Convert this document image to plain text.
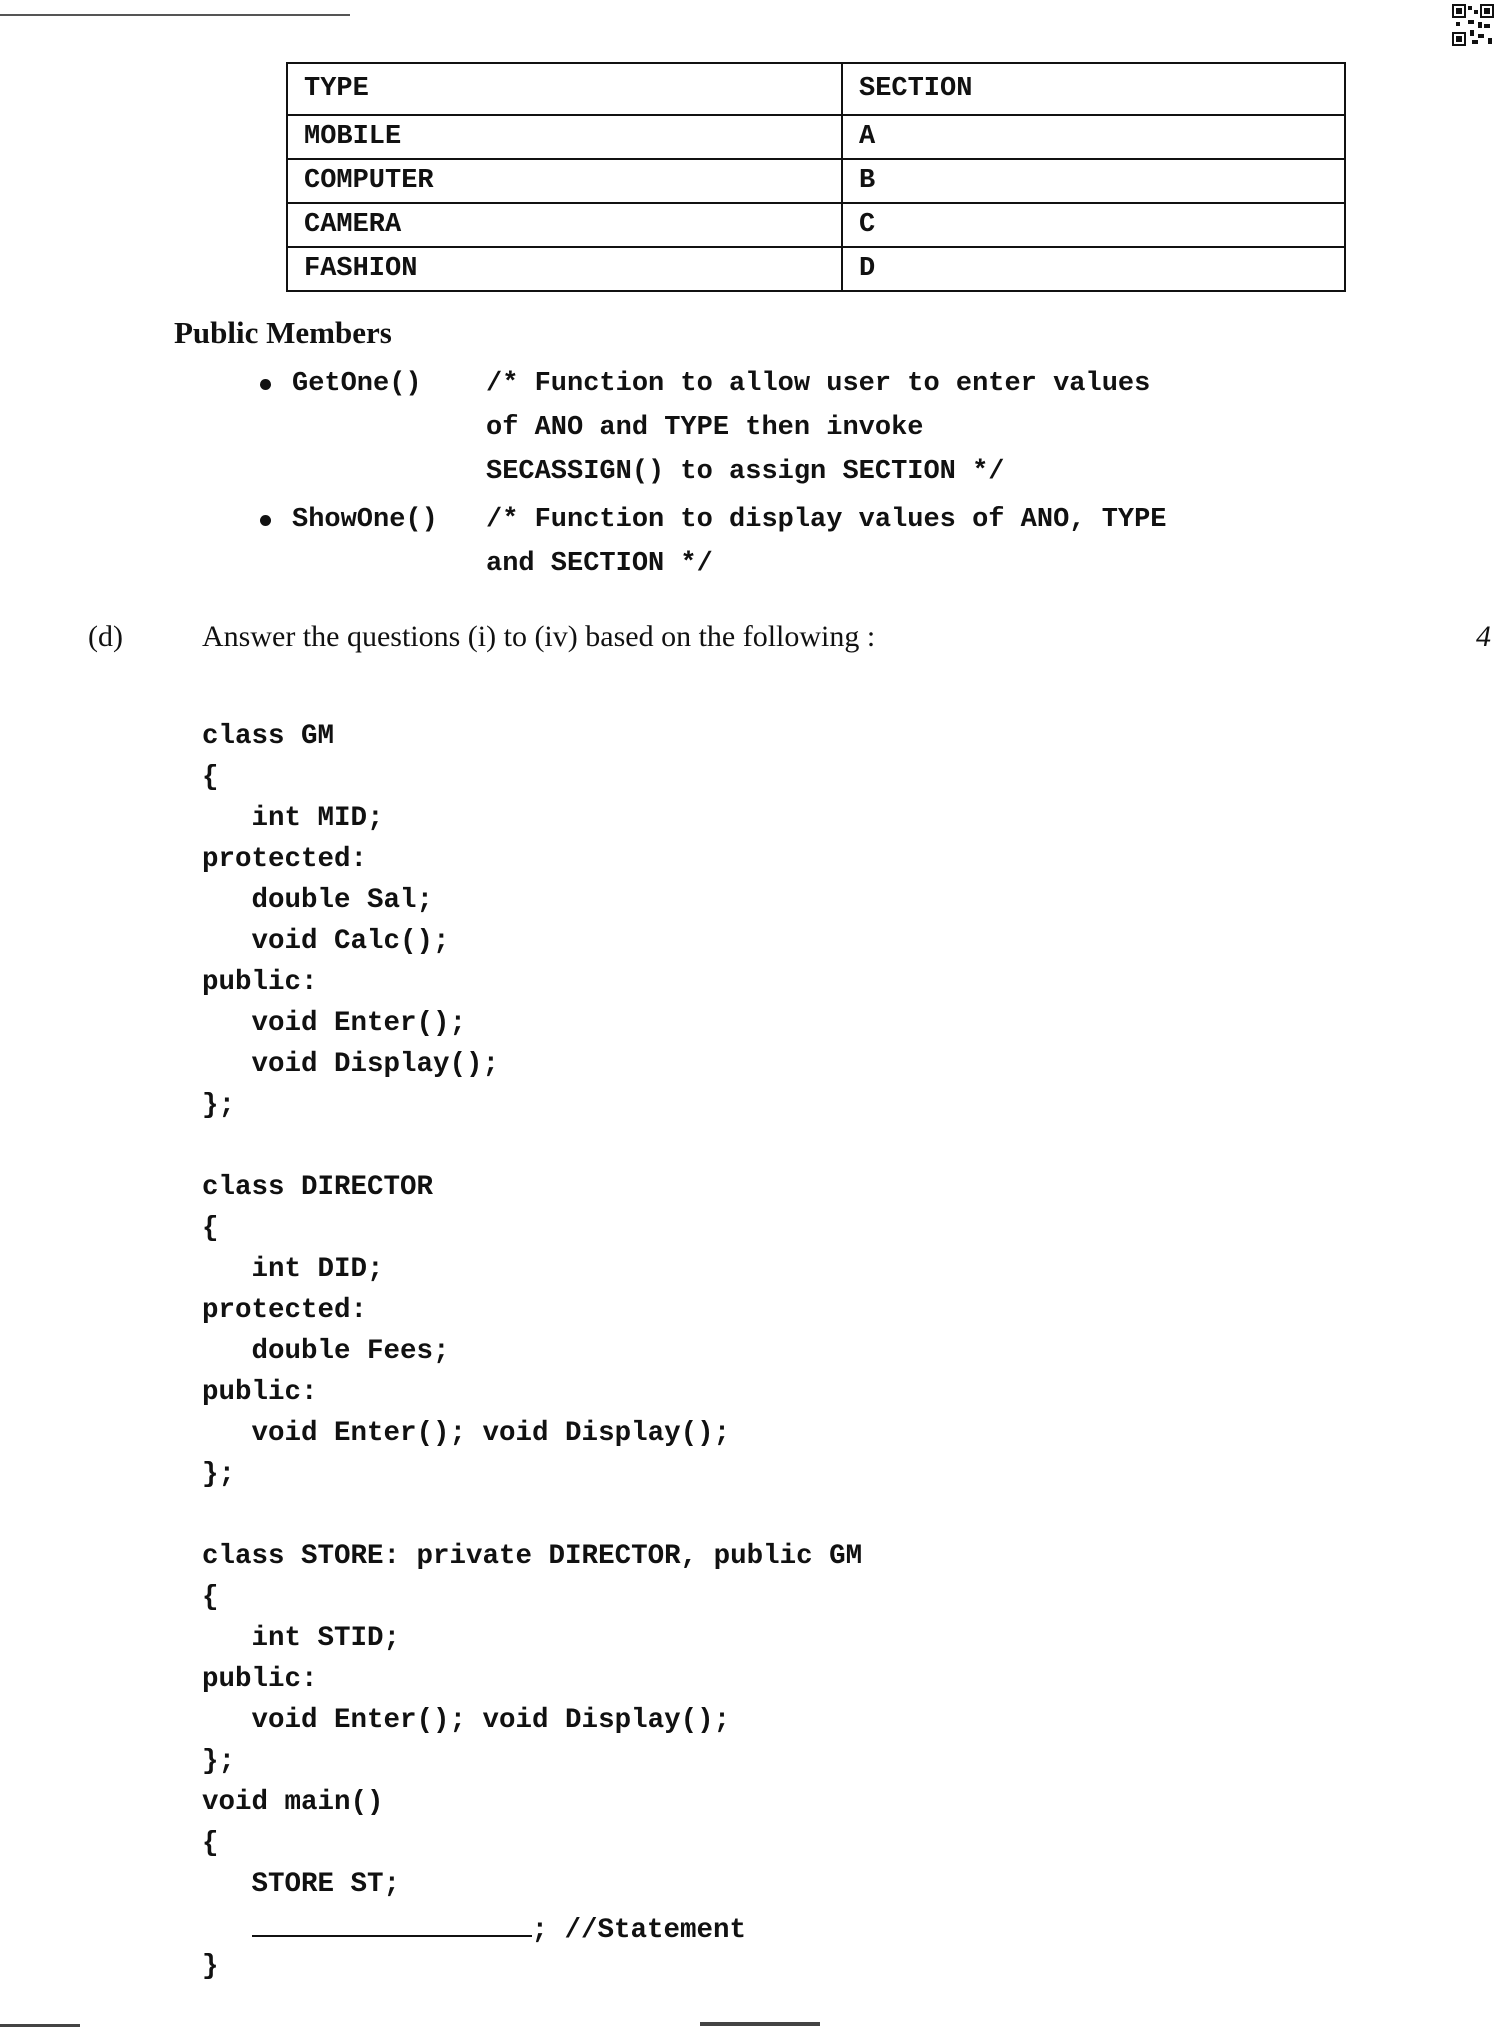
TYPE	SECTION
MOBILE	A
COMPUTER	B
CAMERA	C
FASHION	D
Public Members
GetOne() /* Function to allow user to enter values
of ANO and TYPE then invoke
SECASSIGN() to assign SECTION */
ShowOne() /* Function to display values of ANO, TYPE
and SECTION */
(d)	Answer the questions (i) to (iv) based on the following :	4
class GM
{
int MID;
protected:
double Sal;
void Calc();
public:
void Enter();
void Display();
};

class DIRECTOR
{
int DID;
protected:
double Fees;
public:
void Enter(); void Display();
};

class STORE: private DIRECTOR, public GM
{
int STID;
public:
void Enter(); void Display();
};
void main()
{
STORE ST;

; //Statement
}
